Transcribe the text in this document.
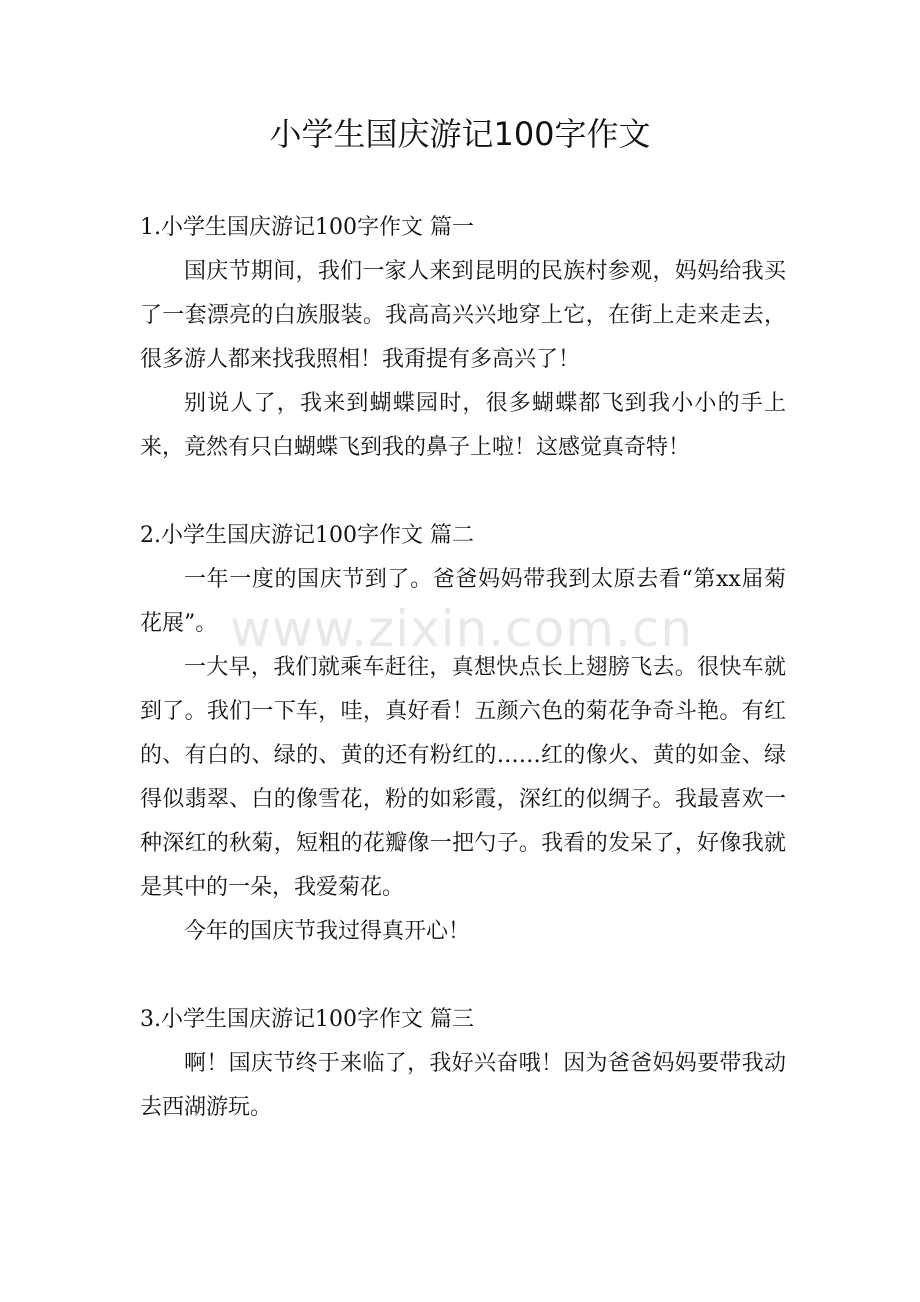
www.zixin.com.cn
小学生国庆游记100字作文

1.小学生国庆游记100字作文 篇一

国庆节期间，我们一家人来到昆明的民族村参观，妈妈给我买了一套漂亮的白族服装。我高高兴兴地穿上它，在街上走来走去，很多游人都来找我照相！我甭提有多高兴了！

别说人了，我来到蝴蝶园时，很多蝴蝶都飞到我小小的手上来，竟然有只白蝴蝶飞到我的鼻子上啦！这感觉真奇特！

2.小学生国庆游记100字作文 篇二

一年一度的国庆节到了。爸爸妈妈带我到太原去看“第xx届菊花展”。

一大早，我们就乘车赶往，真想快点长上翅膀飞去。很快车就到了。我们一下车，哇，真好看！五颜六色的菊花争奇斗艳。有红的、有白的、绿的、黄的还有粉红的……红的像火、黄的如金、绿得似翡翠、白的像雪花，粉的如彩霞，深红的似绸子。我最喜欢一种深红的秋菊，短粗的花瓣像一把勺子。我看的发呆了，好像我就是其中的一朵，我爱菊花。

今年的国庆节我过得真开心！

3.小学生国庆游记100字作文 篇三

啊！国庆节终于来临了，我好兴奋哦！因为爸爸妈妈要带我动去西湖游玩。
